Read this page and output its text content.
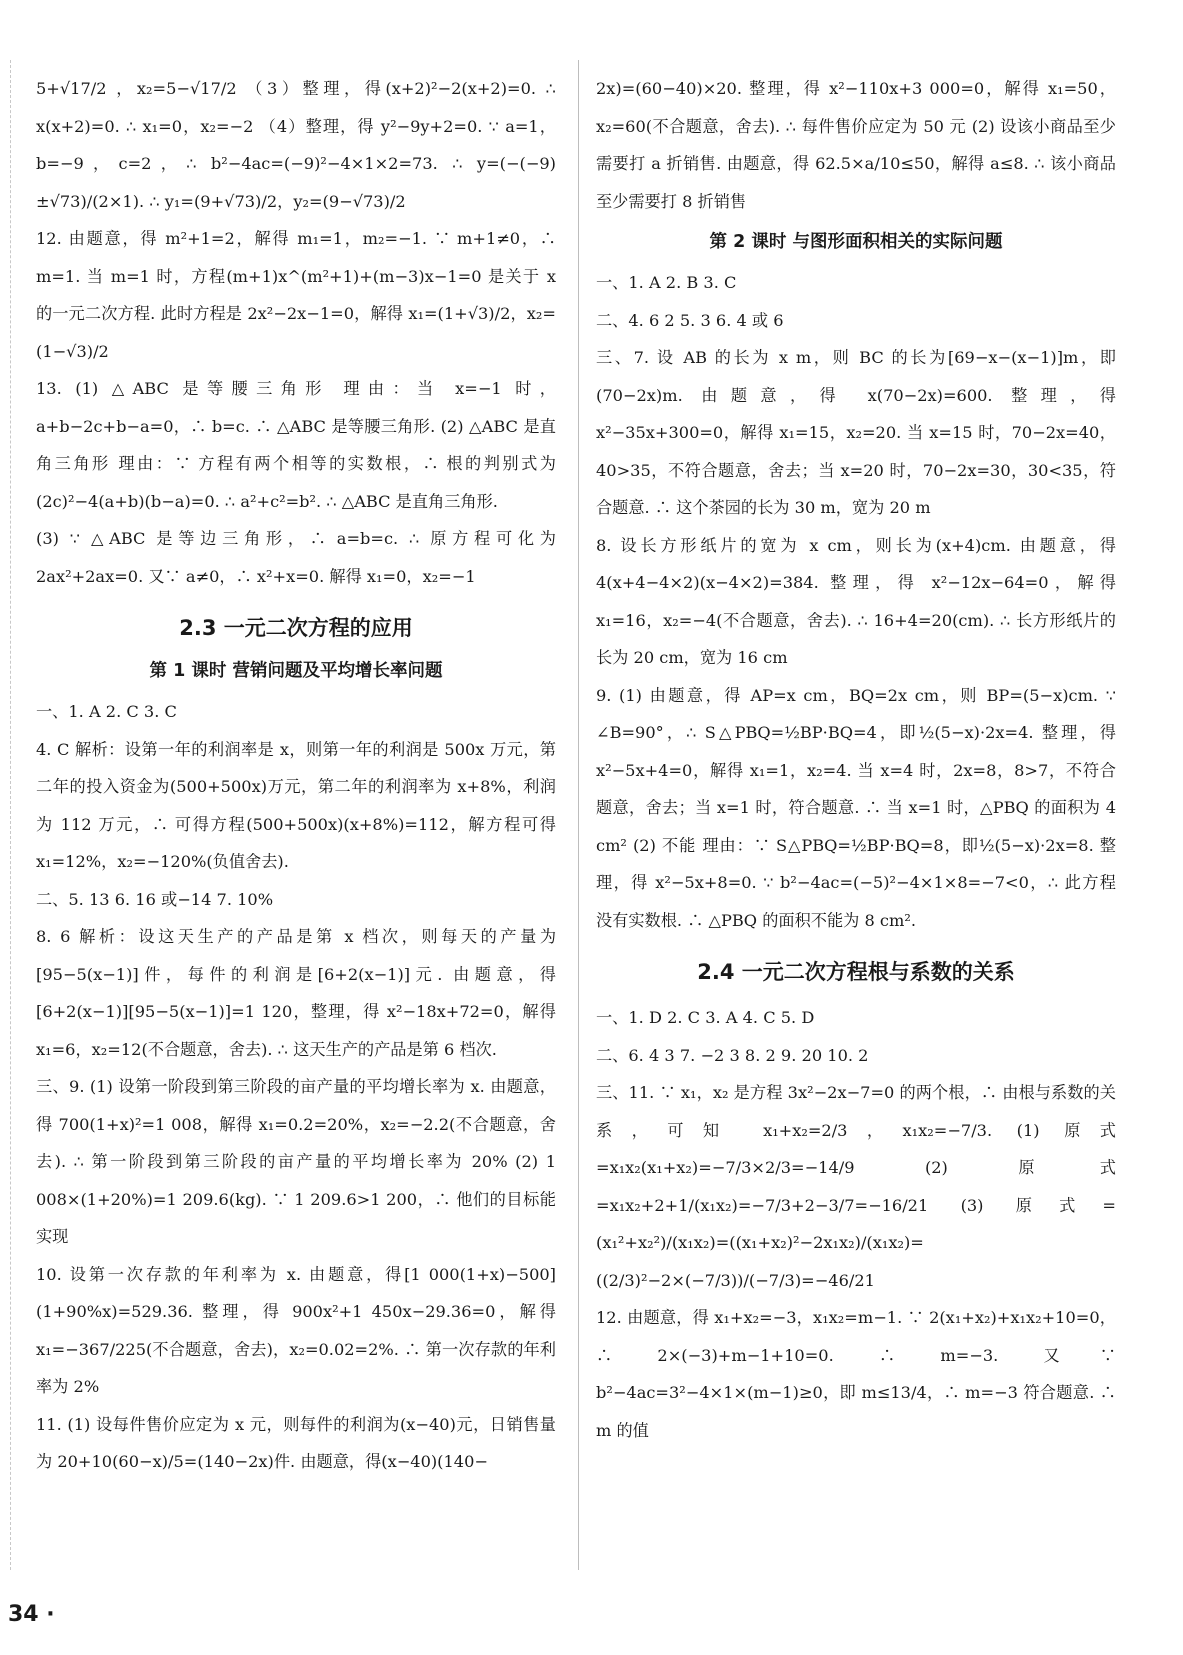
5+√17/2 ，x₂=5−√17/2 （3）整理，得(x+2)²−2(x+2)=0. ∴ x(x+2)=0. ∴ x₁=0，x₂=−2 （4）整理，得 y²−9y+2=0. ∵ a=1，b=−9，c=2，∴ b²−4ac=(−9)²−4×1×2=73. ∴ y=(−(−9)±√73)/(2×1). ∴ y₁=(9+√73)/2，y₂=(9−√73)/2

12. 由题意，得 m²+1=2，解得 m₁=1，m₂=−1. ∵ m+1≠0，∴ m=1. 当 m=1 时，方程(m+1)x^(m²+1)+(m−3)x−1=0 是关于 x 的一元二次方程. 此时方程是 2x²−2x−1=0，解得 x₁=(1+√3)/2，x₂=(1−√3)/2

13. (1) △ABC 是等腰三角形 理由：当 x=−1 时，a+b−2c+b−a=0，∴ b=c. ∴ △ABC 是等腰三角形. (2) △ABC 是直角三角形 理由：∵ 方程有两个相等的实数根，∴ 根的判别式为(2c)²−4(a+b)(b−a)=0. ∴ a²+c²=b². ∴ △ABC 是直角三角形.

(3) ∵ △ABC 是等边三角形，∴ a=b=c. ∴ 原方程可化为 2ax²+2ax=0. 又∵ a≠0，∴ x²+x=0. 解得 x₁=0，x₂=−1

2.3 一元二次方程的应用
第 1 课时 营销问题及平均增长率问题

一、1. A 2. C 3. C

4. C 解析：设第一年的利润率是 x，则第一年的利润是 500x 万元，第二年的投入资金为(500+500x)万元，第二年的利润率为 x+8%，利润为 112 万元，∴ 可得方程(500+500x)(x+8%)=112，解方程可得 x₁=12%，x₂=−120%(负值舍去).

二、5. 13 6. 16 或−14 7. 10%

8. 6 解析：设这天生产的产品是第 x 档次，则每天的产量为[95−5(x−1)]件，每件的利润是[6+2(x−1)]元. 由题意，得[6+2(x−1)][95−5(x−1)]=1 120，整理，得 x²−18x+72=0，解得 x₁=6，x₂=12(不合题意，舍去). ∴ 这天生产的产品是第 6 档次.

三、9. (1) 设第一阶段到第三阶段的亩产量的平均增长率为 x. 由题意，得 700(1+x)²=1 008，解得 x₁=0.2=20%，x₂=−2.2(不合题意，舍去). ∴ 第一阶段到第三阶段的亩产量的平均增长率为 20% (2) 1 008×(1+20%)=1 209.6(kg). ∵ 1 209.6>1 200，∴ 他们的目标能实现

10. 设第一次存款的年利率为 x. 由题意，得[1 000(1+x)−500](1+90%x)=529.36. 整理，得 900x²+1 450x−29.36=0，解得 x₁=−367/225(不合题意，舍去)，x₂=0.02=2%. ∴ 第一次存款的年利率为 2%

11. (1) 设每件售价应定为 x 元，则每件的利润为(x−40)元，日销售量为 20+10(60−x)/5=(140−2x)件. 由题意，得(x−40)(140−

2x)=(60−40)×20. 整理，得 x²−110x+3 000=0，解得 x₁=50，x₂=60(不合题意，舍去). ∴ 每件售价应定为 50 元 (2) 设该小商品至少需要打 a 折销售. 由题意，得 62.5×a/10≤50，解得 a≤8. ∴ 该小商品至少需要打 8 折销售

第 2 课时 与图形面积相关的实际问题

一、1. A 2. B 3. C

二、4. 6 2 5. 3 6. 4 或 6

三、7. 设 AB 的长为 x m，则 BC 的长为[69−x−(x−1)]m，即(70−2x)m. 由题意，得 x(70−2x)=600. 整理，得 x²−35x+300=0，解得 x₁=15，x₂=20. 当 x=15 时，70−2x=40，40>35，不符合题意，舍去；当 x=20 时，70−2x=30，30<35，符合题意. ∴ 这个茶园的长为 30 m，宽为 20 m

8. 设长方形纸片的宽为 x cm，则长为(x+4)cm. 由题意，得 4(x+4−4×2)(x−4×2)=384. 整理，得 x²−12x−64=0，解得 x₁=16，x₂=−4(不合题意，舍去). ∴ 16+4=20(cm). ∴ 长方形纸片的长为 20 cm，宽为 16 cm

9. (1) 由题意，得 AP=x cm，BQ=2x cm，则 BP=(5−x)cm. ∵ ∠B=90°，∴ S△PBQ=½BP·BQ=4，即½(5−x)·2x=4. 整理，得 x²−5x+4=0，解得 x₁=1，x₂=4. 当 x=4 时，2x=8，8>7，不符合题意，舍去；当 x=1 时，符合题意. ∴ 当 x=1 时，△PBQ 的面积为 4 cm² (2) 不能 理由：∵ S△PBQ=½BP·BQ=8，即½(5−x)·2x=8. 整理，得 x²−5x+8=0. ∵ b²−4ac=(−5)²−4×1×8=−7<0，∴ 此方程没有实数根. ∴ △PBQ 的面积不能为 8 cm².

2.4 一元二次方程根与系数的关系

一、1. D 2. C 3. A 4. C 5. D

二、6. 4 3 7. −2 3 8. 2 9. 20 10. 2

三、11. ∵ x₁，x₂ 是方程 3x²−2x−7=0 的两个根，∴ 由根与系数的关系，可知 x₁+x₂=2/3，x₁x₂=−7/3. (1) 原式=x₁x₂(x₁+x₂)=−7/3×2/3=−14/9 (2) 原式=x₁x₂+2+1/(x₁x₂)=−7/3+2−3/7=−16/21 (3) 原式=(x₁²+x₂²)/(x₁x₂)=((x₁+x₂)²−2x₁x₂)/(x₁x₂)=((2/3)²−2×(−7/3))/(−7/3)=−46/21

12. 由题意，得 x₁+x₂=−3，x₁x₂=m−1. ∵ 2(x₁+x₂)+x₁x₂+10=0，∴ 2×(−3)+m−1+10=0. ∴ m=−3. 又∵ b²−4ac=3²−4×1×(m−1)≥0，即 m≤13/4，∴ m=−3 符合题意. ∴ m 的值

34 ·
